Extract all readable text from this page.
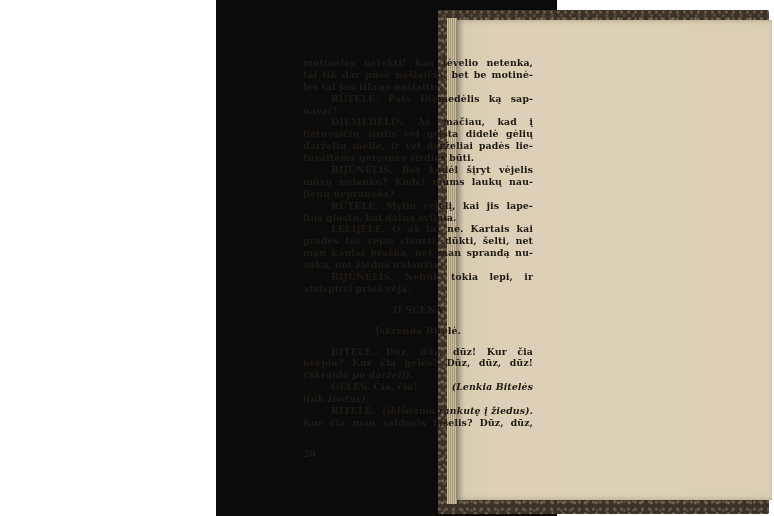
motinėlės netekti! Kas tėvelio netenka,
tai tik dar pusė našlaičio, bet be motinė-
lės tai jau tikras našlaitis.
RŪTELĖ. Pats Diemedėlis ką sap-
navai?
DIEMEDĖLIS. Aš mačiau, kad į
lietuvaičių širdis vėl grįšta didelė gėlių
darželių meilė, ir vėl darželiai padės lie-
tuvaitėms geresnės širdies būti.
BIJŪNĖLIS. Bet kodėl šįryt vėjelis
mūsų nelanko? Kodėl mums laukų nau-
jienų nepraneša?
RŪTELĖ. Myliu vėjelį, kai jis lape-
lius glosto, kai dainą švilpia.
LELIJĖLĖ. O aš tai ne. Kartais kai
pradės tas vėjas siausti, dūkti, šelti, net
man kaulai braška, net man sprandą nu-
suka, net žiedus nulaužia.
BIJŪNĖLIS. Nebūk tokia lepi, ir
atsispirsi prieš vėją.
II SCENA
Įskrenda Bitelė.
BITELĖ. Dūz, dūz, dūz! Kur čia
kvepia? Kur čia gėlės? Dūz, dūz, dūz!
(Skraido po darželį).
GĖLĖS. Čia, čia!	(Lenkia Bitelės
link žiedus).
BITELĖ. (įkišdama rankutę į žiedus).
Kur čia man saldusis lašelis? Dūz, dūz,
20
